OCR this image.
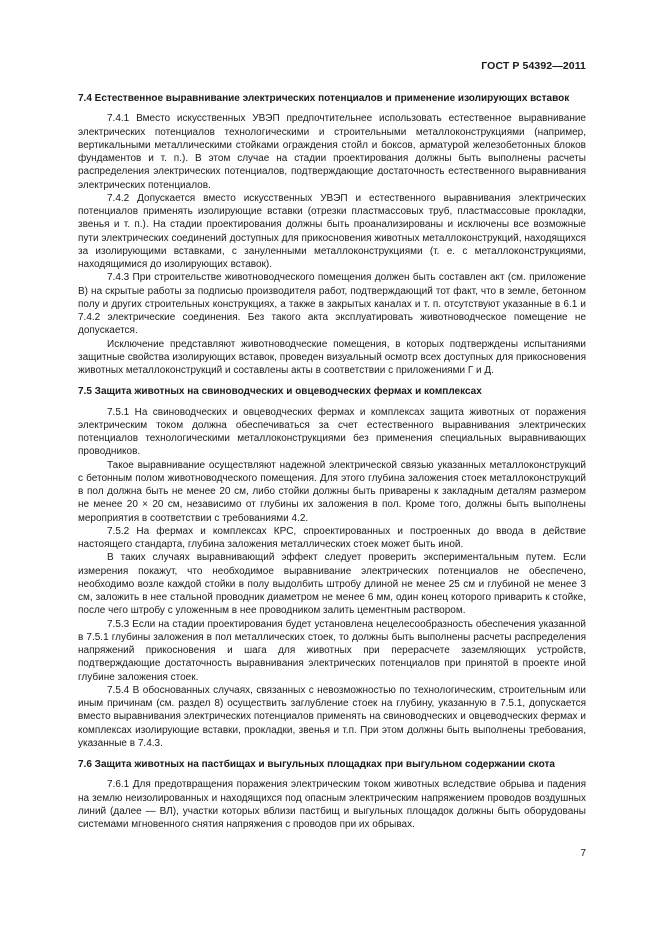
ГОСТ Р 54392—2011

7.4 Естественное выравнивание электрических потенциалов и применение изолирующих вставок

7.4.1 Вместо искусственных УВЭП предпочтительнее использовать естественное выравнивание электрических потенциалов технологическими и строительными металлоконструкциями (например, вертикальными металлическими стойками ограждения стойл и боксов, арматурой железобетонных блоков фундаментов и т. п.). В этом случае на стадии проектирования должны быть выполнены расчеты распределения электрических потенциалов, подтверждающие достаточность естественного выравнивания электрических потенциалов.

7.4.2 Допускается вместо искусственных УВЭП и естественного выравнивания электрических потенциалов применять изолирующие вставки (отрезки пластмассовых труб, пластмассовые прокладки, звенья и т. п.). На стадии проектирования должны быть проанализированы и исключены все возможные пути электрических соединений доступных для прикосновения животных металлоконструкций, находящихся за изолирующими вставками, с зануленными металлоконструкциями (т. е. с металлоконструкциями, находящимися до изолирующих вставок).

7.4.3 При строительстве животноводческого помещения должен быть составлен акт (см. приложение В) на скрытые работы за подписью производителя работ, подтверждающий тот факт, что в земле, бетонном полу и других строительных конструкциях, а также в закрытых каналах и т. п. отсутствуют указанные в 6.1 и 7.4.2 электрические соединения. Без такого акта эксплуатировать животноводческое помещение не допускается.

Исключение представляют животноводческие помещения, в которых подтверждены испытаниями защитные свойства изолирующих вставок, проведен визуальный осмотр всех доступных для прикосновения животных металлоконструкций и составлены акты в соответствии с приложениями Г и Д.

7.5 Защита животных на свиноводческих и овцеводческих фермах и комплексах

7.5.1 На свиноводческих и овцеводческих фермах и комплексах защита животных от поражения электрическим током должна обеспечиваться за счет естественного выравнивания электрических потенциалов технологическими металлоконструкциями без применения специальных выравнивающих проводников.

Такое выравнивание осуществляют надежной электрической связью указанных металлоконструкций с бетонным полом животноводческого помещения. Для этого глубина заложения стоек металлоконструкций в пол должна быть не менее 20 см, либо стойки должны быть приварены к закладным деталям размером не менее 20 × 20 см, независимо от глубины их заложения в пол. Кроме того, должны быть выполнены мероприятия в соответствии с требованиями 4.2.

7.5.2 На фермах и комплексах КРС, спроектированных и построенных до ввода в действие настоящего стандарта, глубина заложения металлических стоек может быть иной.

В таких случаях выравнивающий эффект следует проверить экспериментальным путем. Если измерения покажут, что необходимое выравнивание электрических потенциалов не обеспечено, необходимо возле каждой стойки в полу выдолбить штробу длиной не менее 25 см и глубиной не менее 3 см, заложить в нее стальной проводник диаметром не менее 6 мм, один конец которого приварить к стойке, после чего штробу с уложенным в нее проводником залить цементным раствором.

7.5.3 Если на стадии проектирования будет установлена нецелесообразность обеспечения указанной в 7.5.1 глубины заложения в пол металлических стоек, то должны быть выполнены расчеты распределения напряжений прикосновения и шага для животных при перерасчете заземляющих устройств, подтверждающие достаточность выравнивания электрических потенциалов при принятой в проекте иной глубине заложения стоек.

7.5.4 В обоснованных случаях, связанных с невозможностью по технологическим, строительным или иным причинам (см. раздел 8) осуществить заглубление стоек на глубину, указанную в 7.5.1, допускается вместо выравнивания электрических потенциалов применять на свиноводческих и овцеводческих фермах и комплексах изолирующие вставки, прокладки, звенья и т.п. При этом должны быть выполнены требования, указанные в 7.4.3.

7.6 Защита животных на пастбищах и выгульных площадках при выгульном содержании скота

7.6.1 Для предотвращения поражения электрическим током животных вследствие обрыва и падения на землю неизолированных и находящихся под опасным электрическим напряжением проводов воздушных линий (далее — ВЛ), участки которых вблизи пастбищ и выгульных площадок должны быть оборудованы системами мгновенного снятия напряжения с проводов при их обрывах.

7
